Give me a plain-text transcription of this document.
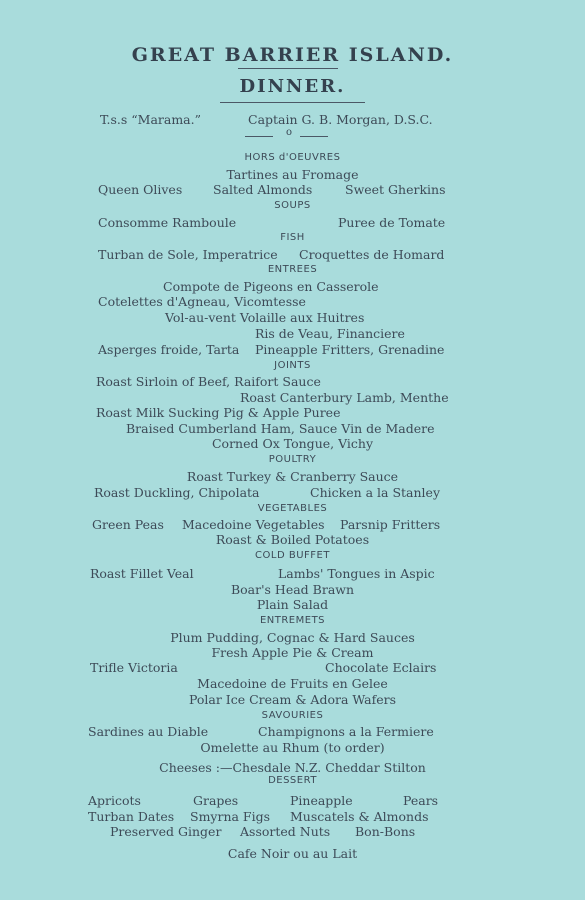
GREAT BARRIER ISLAND.
DINNER.
T.s.s “Marama.”	Captain G. B. Morgan, D.S.C.
o
HORS d'OEUVRES
Tartines au Fromage
Queen Olives Salted Almonds	Sweet Gherkins
SOUPS
Consomme Ramboule	Puree de Tomate
FISH
Turban de Sole, Imperatrice Croquettes de Homard
ENTREES
Compote de Pigeons en Casserole
Cotelettes d'Agneau, Vicomtesse
Vol-au-vent Volaille aux Huitres
Ris de Veau, Financiere
Asperges froide, Tarta Pineapple Fritters, Grenadine
JOINTS
Roast Sirloin of Beef, Raifort Sauce
Roast Canterbury Lamb, Menthe
Roast Milk Sucking Pig & Apple Puree
Braised Cumberland Ham, Sauce Vin de Madere
Corned Ox Tongue, Vichy
POULTRY
Roast Turkey & Cranberry Sauce
Roast Duckling, Chipolata	Chicken a la Stanley
VEGETABLES
Green Peas Macedoine Vegetables Parsnip Fritters
Roast & Boiled Potatoes
COLD BUFFET
Roast Fillet Veal	Lambs' Tongues in Aspic
Boar's Head Brawn
Plain Salad
ENTREMETS
Plum Pudding, Cognac & Hard Sauces
Fresh Apple Pie & Cream
Trifle Victoria	Chocolate Eclairs
Macedoine de Fruits en Gelee
Polar Ice Cream & Adora Wafers
SAVOURIES
Sardines au Diable	Champignons a la Fermiere
Omelette au Rhum (to order)
Cheeses :—Chesdale N.Z. Cheddar Stilton
DESSERT
Apricots	Grapes	Pineapple	Pears
Turban Dates Smyrna Figs Muscatels & Almonds
Preserved Ginger Assorted Nuts Bon-Bons
Cafe Noir ou au Lait
